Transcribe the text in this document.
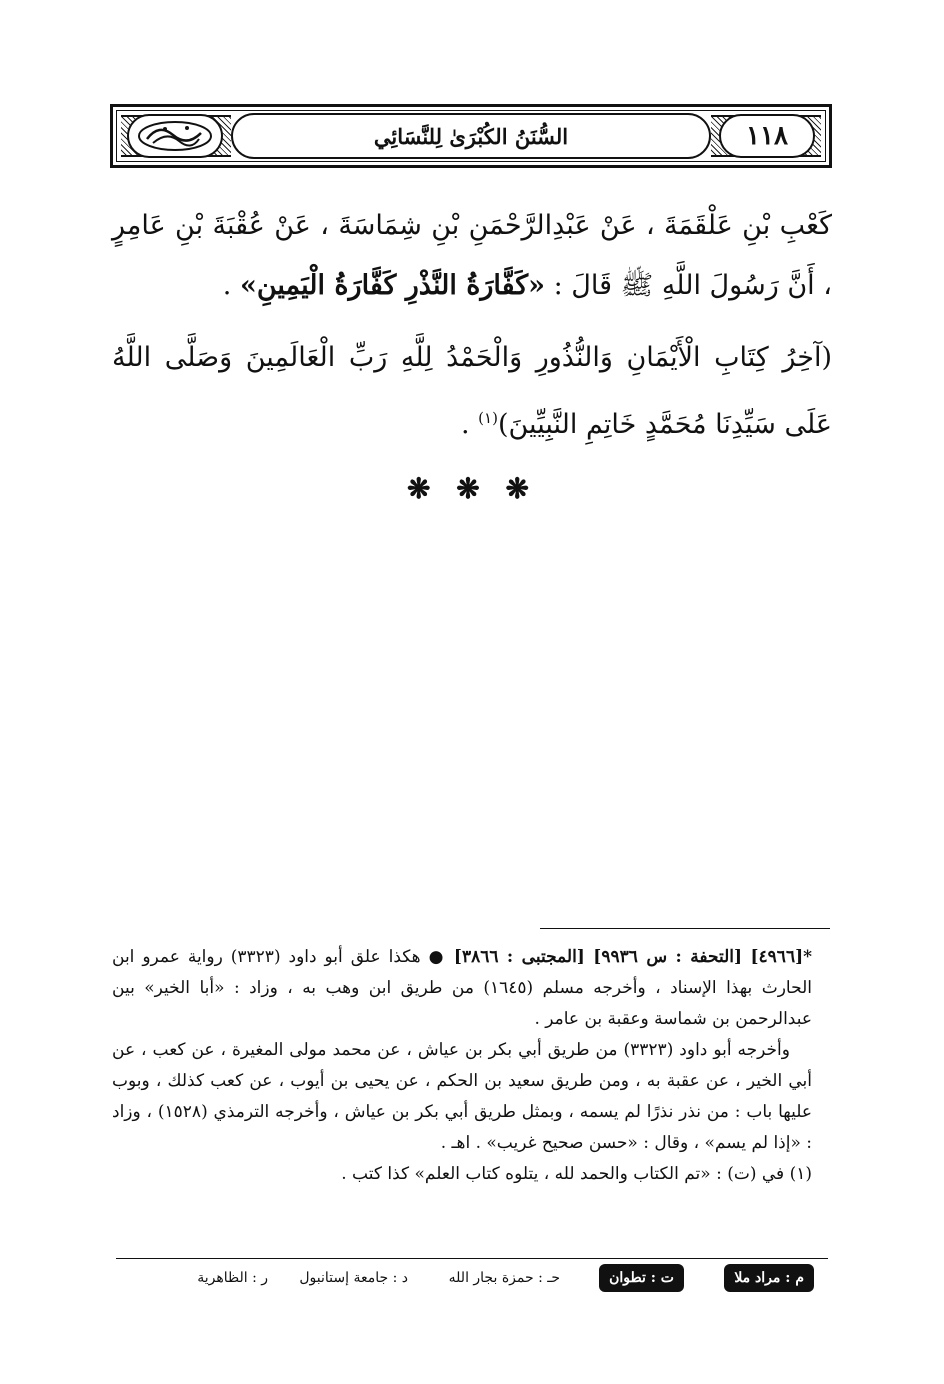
السُّنَنُ الكُبْرَىٰ لِلنَّسَائِي	١١٨

كَعْبِ بْنِ عَلْقَمَةَ ، عَنْ عَبْدِالرَّحْمَنِ بْنِ شِمَاسَةَ ، عَنْ عُقْبَةَ بْنِ عَامِرٍ ، أَنَّ رَسُولَ اللَّهِ ﷺ قَالَ : «كَفَّارَةُ النَّذْرِ كَفَّارَةُ الْيَمِينِ» .

(آخِرُ كِتَابِ الْأَيْمَانِ وَالنُّذُورِ وَالْحَمْدُ لِلَّهِ رَبِّ الْعَالَمِينَ وَصَلَّى اللَّهُ عَلَى سَيِّدِنَا مُحَمَّدٍ خَاتِمِ النَّبِيِّينَ)$^{(١)}$ .

❋ ❋ ❋

*[٤٩٦٦] [التحفة : س ٩٩٣٦] [المجتبى : ٣٨٦٦] ● هكذا علق أبو داود (٣٣٢٣) رواية عمرو ابن الحارث بهذا الإسناد ، وأخرجه مسلم (١٦٤٥) من طريق ابن وهب به ، وزاد : «أبا الخير» بين عبدالرحمن بن شماسة وعقبة بن عامر .

وأخرجه أبو داود (٣٣٢٣) من طريق أبي بكر بن عياش ، عن محمد مولى المغيرة ، عن كعب ، عن أبي الخير ، عن عقبة به ، ومن طريق سعيد بن الحكم ، عن يحيى بن أيوب ، عن كعب كذلك ، وبوب عليها باب : من نذر نذرًا لم يسمه ، وبمثل طريق أبي بكر بن عياش ، وأخرجه الترمذي (١٥٢٨) ، وزاد : «إذا لم يسم» ، وقال : «حسن صحيح غريب» . اهـ .

(١) في (ت) : «تم الكتاب والحمد لله ، يتلوه كتاب العلم» كذا كتب .

م : مراد ملا
ت : تطوان
حـ : حمزة بجار الله
د : جامعة إستانبول
ر : الظاهرية
